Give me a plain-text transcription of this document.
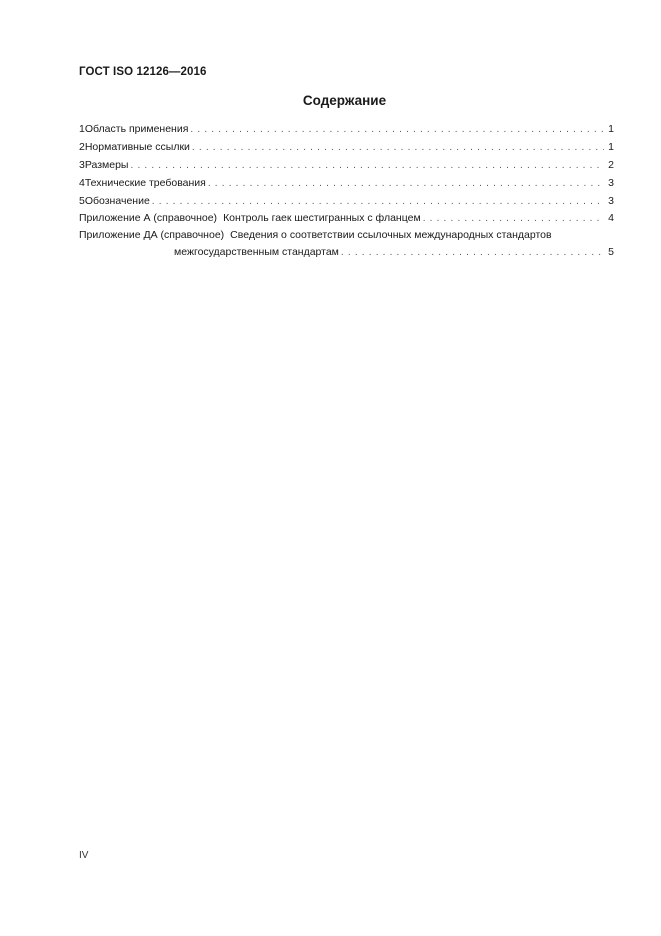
ГОСТ ISO 12126—2016
Содержание
1 Область применения . . .	1
2 Нормативные ссылки . . .	1
3 Размеры . . .	2
4 Технические требования . . .	3
5 Обозначение . . .	3
Приложение А (справочное) Контроль гаек шестигранных с фланцем . . .	4
Приложение ДА (справочное) Сведения о соответствии ссылочных международных стандартов
межгосударственным стандартам . . .	5
IV
